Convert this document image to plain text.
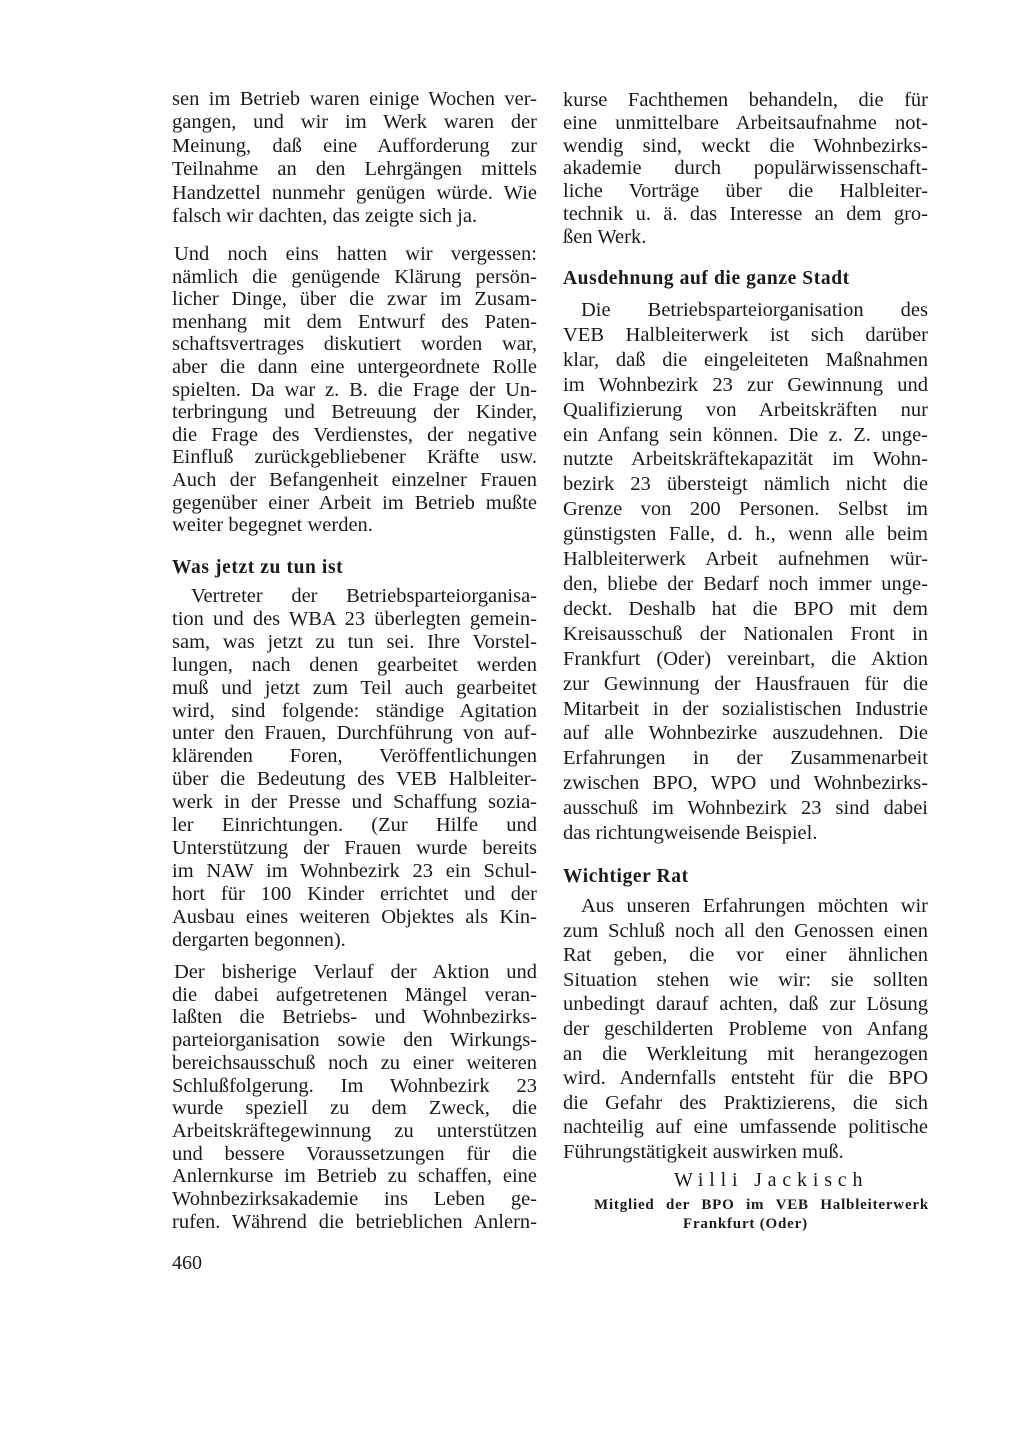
sen im Betrieb waren einige Wochen ver-
gangen, und wir im Werk waren der
Meinung, daß eine Aufforderung zur
Teilnahme an den Lehrgängen mittels
Handzettel nunmehr genügen würde. Wie
falsch wir dachten, das zeigte sich ja.
Und noch eins hatten wir vergessen:
nämlich die genügende Klärung persön-
licher Dinge, über die zwar im Zusam-
menhang mit dem Entwurf des Paten-
schaftsvertrages diskutiert worden war,
aber die dann eine untergeordnete Rolle
spielten. Da war z. B. die Frage der Un-
terbringung und Betreuung der Kinder,
die Frage des Verdienstes, der negative
Einfluß zurückgebliebener Kräfte usw.
Auch der Befangenheit einzelner Frauen
gegenüber einer Arbeit im Betrieb mußte
weiter begegnet werden.
Was jetzt zu tun ist
Vertreter der Betriebsparteiorganisa-
tion und des WBA 23 überlegten gemein-
sam, was jetzt zu tun sei. Ihre Vorstel-
lungen, nach denen gearbeitet werden
muß und jetzt zum Teil auch gearbeitet
wird, sind folgende: ständige Agitation
unter den Frauen, Durchführung von auf-
klärenden Foren, Veröffentlichungen
über die Bedeutung des VEB Halbleiter-
werk in der Presse und Schaffung sozia-
ler Einrichtungen. (Zur Hilfe und
Unterstützung der Frauen wurde bereits
im NAW im Wohnbezirk 23 ein Schul-
hort für 100 Kinder errichtet und der
Ausbau eines weiteren Objektes als Kin-
dergarten begonnen).
Der bisherige Verlauf der Aktion und
die dabei aufgetretenen Mängel veran-
laßten die Betriebs- und Wohnbezirks-
parteiorganisation sowie den Wirkungs-
bereichsausschuß noch zu einer weiteren
Schlußfolgerung. Im Wohnbezirk 23
wurde speziell zu dem Zweck, die
Arbeitskräftegewinnung zu unterstützen
und bessere Voraussetzungen für die
Anlernkurse im Betrieb zu schaffen, eine
Wohnbezirksakademie ins Leben ge-
rufen. Während die betrieblichen Anlern-
460
kurse Fachthemen behandeln, die für
eine unmittelbare Arbeitsaufnahme not-
wendig sind, weckt die Wohnbezirks-
akademie durch populärwissenschaft-
liche Vorträge über die Halbleiter-
technik u. ä. das Interesse an dem gro-
ßen Werk.
Ausdehnung auf die ganze Stadt
Die Betriebsparteiorganisation des
VEB Halbleiterwerk ist sich darüber
klar, daß die eingeleiteten Maßnahmen
im Wohnbezirk 23 zur Gewinnung und
Qualifizierung von Arbeitskräften nur
ein Anfang sein können. Die z. Z. unge-
nutzte Arbeitskräftekapazität im Wohn-
bezirk 23 übersteigt nämlich nicht die
Grenze von 200 Personen. Selbst im
günstigsten Falle, d. h., wenn alle beim
Halbleiterwerk Arbeit aufnehmen wür-
den, bliebe der Bedarf noch immer unge-
deckt. Deshalb hat die BPO mit dem
Kreisausschuß der Nationalen Front in
Frankfurt (Oder) vereinbart, die Aktion
zur Gewinnung der Hausfrauen für die
Mitarbeit in der sozialistischen Industrie
auf alle Wohnbezirke auszudehnen. Die
Erfahrungen in der Zusammenarbeit
zwischen BPO, WPO und Wohnbezirks-
ausschuß im Wohnbezirk 23 sind dabei
das richtungweisende Beispiel.
Wichtiger Rat
Aus unseren Erfahrungen möchten wir
zum Schluß noch all den Genossen einen
Rat geben, die vor einer ähnlichen
Situation stehen wie wir: sie sollten
unbedingt darauf achten, daß zur Lösung
der geschilderten Probleme von Anfang
an die Werkleitung mit herangezogen
wird. Andernfalls entsteht für die BPO
die Gefahr des Praktizierens, die sich
nachteilig auf eine umfassende politische
Führungstätigkeit auswirken muß.
Willi Jackisch
Mitglied der BPO im VEB Halbleiterwerk
Frankfurt (Oder)
